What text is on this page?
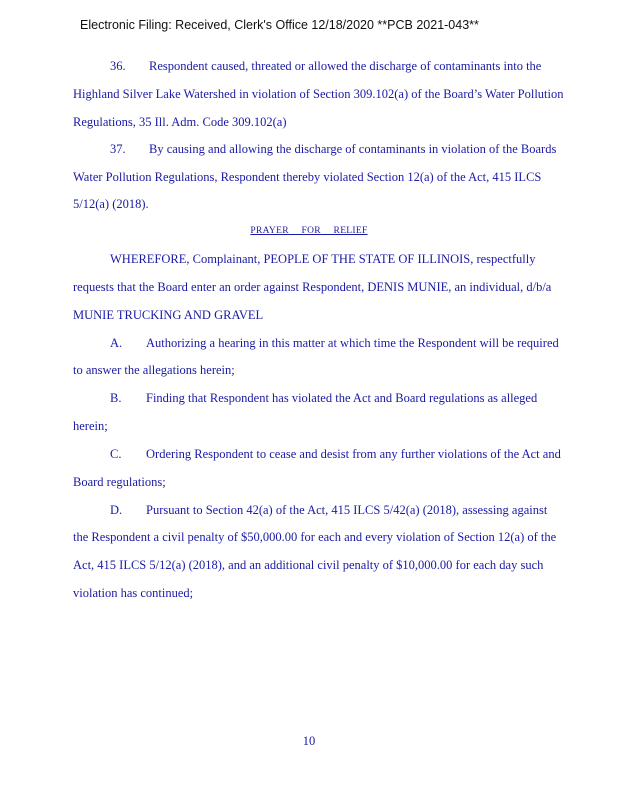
Electronic Filing: Received, Clerk's Office 12/18/2020 **PCB 2021-043**
36. Respondent caused, threated or allowed the discharge of contaminants into the
Highland Silver Lake Watershed in violation of Section 309.102(a) of the Board’s Water Pollution
Regulations, 35 Ill. Adm. Code 309.102(a)
37. By causing and allowing the discharge of contaminants in violation of the Boards
Water Pollution Regulations, Respondent thereby violated Section 12(a) of the Act, 415 ILCS
5/12(a) (2018).
PRAYER FOR RELIEF
WHEREFORE, Complainant, PEOPLE OF THE STATE OF ILLINOIS, respectfully
requests that the Board enter an order against Respondent, DENIS MUNIE, an individual, d/b/a
MUNIE TRUCKING AND GRAVEL
A. Authorizing a hearing in this matter at which time the Respondent will be required
to answer the allegations herein;
B. Finding that Respondent has violated the Act and Board regulations as alleged
herein;
C. Ordering Respondent to cease and desist from any further violations of the Act and
Board regulations;
D. Pursuant to Section 42(a) of the Act, 415 ILCS 5/42(a) (2018), assessing against
the Respondent a civil penalty of $50,000.00 for each and every violation of Section 12(a) of the
Act, 415 ILCS 5/12(a) (2018), and an additional civil penalty of $10,000.00 for each day such
violation has continued;
10
